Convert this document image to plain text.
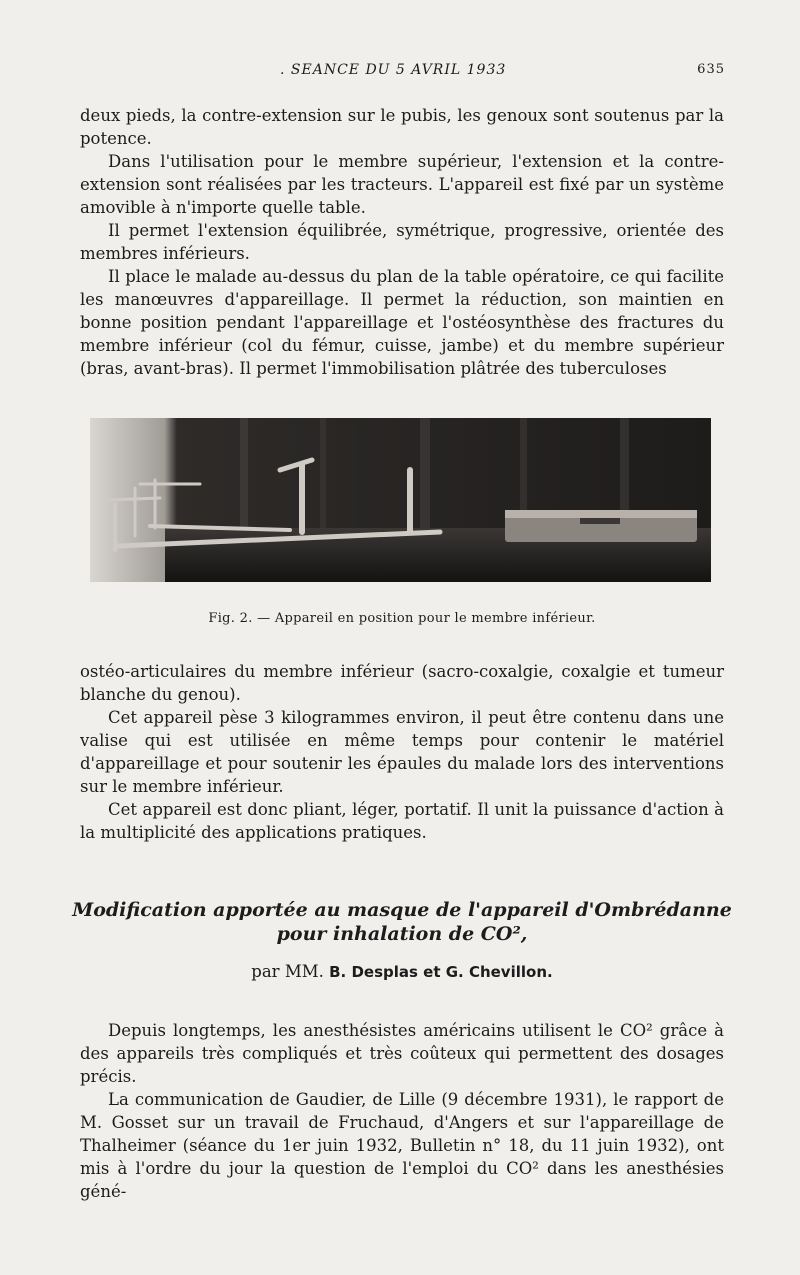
. SEANCE DU 5 AVRIL 1933	635

deux pieds, la contre-extension sur le pubis, les genoux sont soutenus par la potence.

Dans l'utilisation pour le membre supérieur, l'extension et la contre-extension sont réalisées par les tracteurs. L'appareil est fixé par un système amovible à n'importe quelle table.

Il permet l'extension équilibrée, symétrique, progressive, orientée des membres inférieurs.

Il place le malade au-dessus du plan de la table opératoire, ce qui facilite les manœuvres d'appareillage. Il permet la réduction, son maintien en bonne position pendant l'appareillage et l'ostéosynthèse des fractures du membre inférieur (col du fémur, cuisse, jambe) et du membre supérieur (bras, avant-bras). Il permet l'immobilisation plâtrée des tuberculoses

Fig. 2. — Appareil en position pour le membre inférieur.

ostéo-articulaires du membre inférieur (sacro-coxalgie, coxalgie et tumeur blanche du genou).

Cet appareil pèse 3 kilogrammes environ, il peut être contenu dans une valise qui est utilisée en même temps pour contenir le matériel d'appareillage et pour soutenir les épaules du malade lors des interventions sur le membre inférieur.

Cet appareil est donc pliant, léger, portatif. Il unit la puissance d'action à la multiplicité des applications pratiques.

Modification apportée au masque de l'appareil d'Ombrédanne
pour inhalation de CO²,
par MM. B. Desplas et G. Chevillon.

Depuis longtemps, les anesthésistes américains utilisent le CO² grâce à des appareils très compliqués et très coûteux qui permettent des dosages précis.

La communication de Gaudier, de Lille (9 décembre 1931), le rapport de M. Gosset sur un travail de Fruchaud, d'Angers et sur l'appareillage de Thalheimer (séance du 1er juin 1932, Bulletin n° 18, du 11 juin 1932), ont mis à l'ordre du jour la question de l'emploi du CO² dans les anesthésies géné-
